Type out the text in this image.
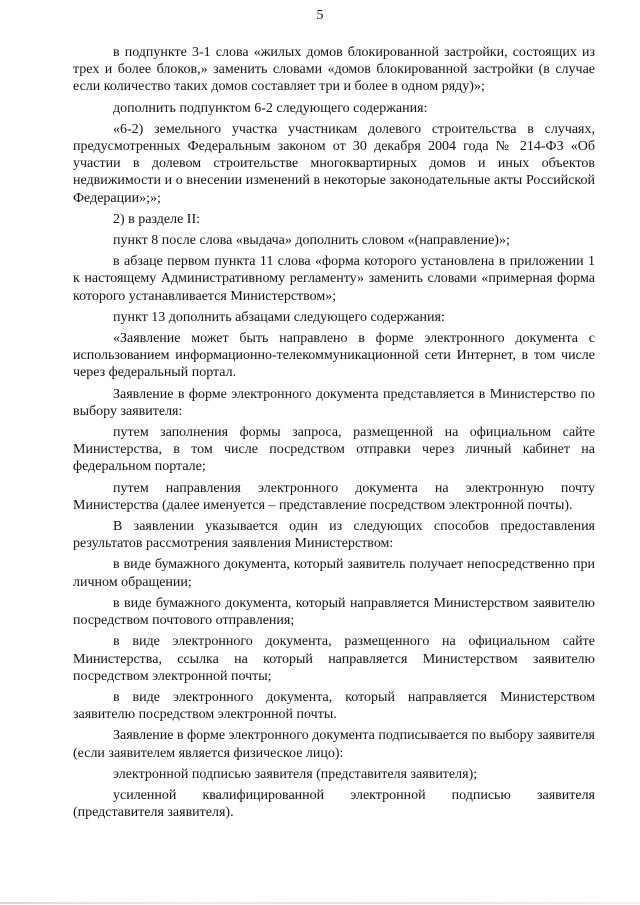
5

в подпункте 3-1 слова «жилых домов блокированной застройки, состоящих из трех и более блоков,» заменить словами «домов блокированной застройки (в случае если количество таких домов составляет три и более в одном ряду)»;

дополнить подпунктом 6-2 следующего содержания:

«6-2) земельного участка участникам долевого строительства в случаях, предусмотренных Федеральным законом от 30 декабря 2004 года № 214-ФЗ «Об участии в долевом строительстве многоквартирных домов и иных объектов недвижимости и о внесении изменений в некоторые законодательные акты Российской Федерации»;»;

2) в разделе II:

пункт 8 после слова «выдача» дополнить словом «(направление)»;

в абзаце первом пункта 11 слова «форма которого установлена в приложении 1 к настоящему Административному регламенту» заменить словами «примерная форма которого устанавливается Министерством»;

пункт 13 дополнить абзацами следующего содержания:

«Заявление может быть направлено в форме электронного документа с использованием информационно-телекоммуникационной сети Интернет, в том числе через федеральный портал.

Заявление в форме электронного документа представляется в Министерство по выбору заявителя:

путем заполнения формы запроса, размещенной на официальном сайте Министерства, в том числе посредством отправки через личный кабинет на федеральном портале;

путем направления электронного документа на электронную почту Министерства (далее именуется – представление посредством электронной почты).

В заявлении указывается один из следующих способов предоставления результатов рассмотрения заявления Министерством:

в виде бумажного документа, который заявитель получает непосредственно при личном обращении;

в виде бумажного документа, который направляется Министерством заявителю посредством почтового отправления;

в виде электронного документа, размещенного на официальном сайте Министерства, ссылка на который направляется Министерством заявителю посредством электронной почты;

в виде электронного документа, который направляется Министерством заявителю посредством электронной почты.

Заявление в форме электронного документа подписывается по выбору заявителя (если заявителем является физическое лицо):

электронной подписью заявителя (представителя заявителя);

усиленной квалифицированной электронной подписью заявителя (представителя заявителя).
